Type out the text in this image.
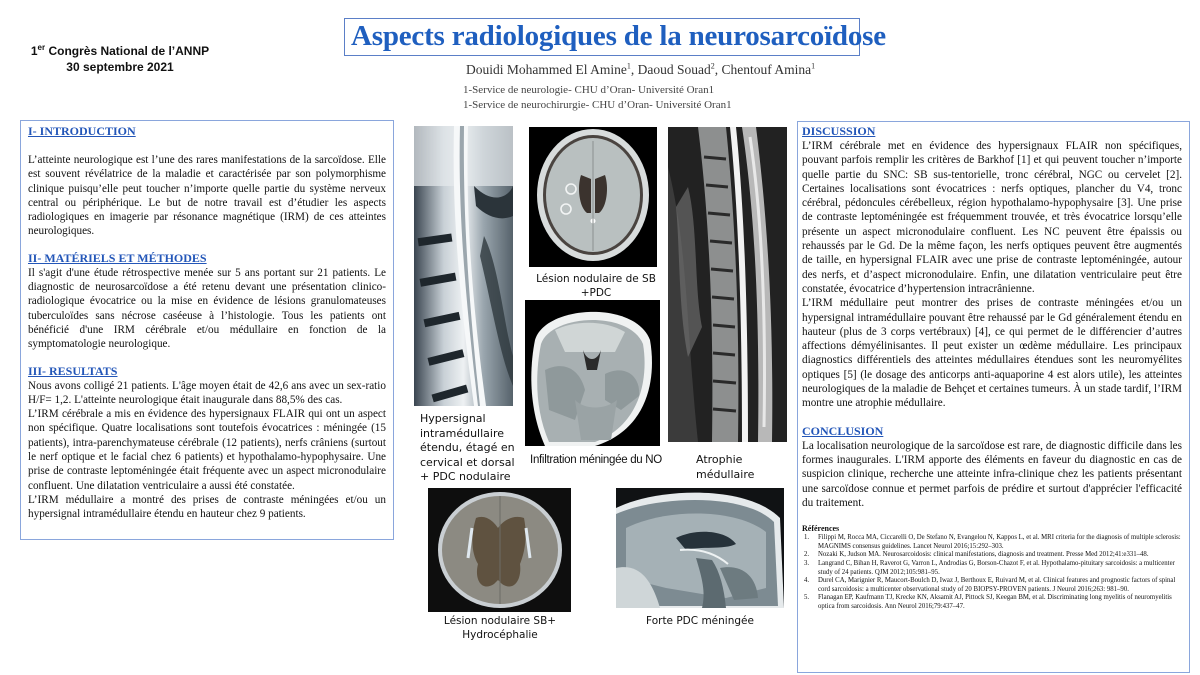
1er Congrès National de l’ANNP
30 septembre 2021
Aspects radiologiques de la neurosarcoïdose
Douidi Mohammed El Amine$^1$, Daoud Souad$^2$, Chentouf Amina$^1$
1-Service de neurologie- CHU d’Oran- Université Oran1
1-Service de neurochirurgie- CHU d’Oran- Université Oran1
I- INTRODUCTION

L’atteinte neurologique est l’une des rares manifestations de la sarcoïdose. Elle est souvent révélatrice de la maladie et caractérisée par son polymorphisme clinique puisqu’elle peut toucher n’importe quelle partie du système nerveux central ou périphérique. Le but de notre travail est d’étudier les aspects radiologiques en imagerie par résonance magnétique (IRM) de ces atteintes neurologiques.

II- MATÉRIELS ET MÉTHODES

Il s'agit d'une étude rétrospective menée sur 5 ans portant sur 21 patients. Le diagnostic de neurosarcoïdose a été retenu devant une présentation clinico-radiologique évocatrice ou la mise en évidence de lésions granulomateuses tuberculoïdes sans nécrose caséeuse à l’histologie. Tous les patients ont bénéficié d'une IRM cérébrale et/ou médullaire en fonction de la symptomatologie neurologique.

III- RESULTATS

Nous avons colligé 21 patients. L'âge moyen était de 42,6 ans avec un sex-ratio H/F= 1,2. L'atteinte neurologique était inaugurale dans 88,5% des cas.

L’IRM cérébrale a mis en évidence des hypersignaux FLAIR qui ont un aspect non spécifique. Quatre localisations sont toutefois évocatrices : méningée (15 patients), intra-parenchymateuse cérébrale (12 patients), nerfs crâniens (surtout le nerf optique et le facial chez 6 patients) et hypothalamo-hypophysaire. Une prise de contraste leptoméningée était fréquente avec un aspect micronodulaire confluent. Une dilatation ventriculaire a aussi été constatée.

L’IRM médullaire a montré des prises de contraste méningées et/ou un hypersignal intramédullaire étendu en hauteur chez 9 patients.

Lésion nodulaire de SB +PDC
Infiltration méningée du NO
Hypersignal
intramédullaire
étendu, étagé en
cervical et dorsal
+ PDC nodulaire
Atrophie
médullaire
Lésion nodulaire SB+ Hydrocéphalie
Forte PDC méningée
DISCUSSION

L’IRM cérébrale met en évidence des hypersignaux FLAIR non spécifiques, pouvant parfois remplir les critères de Barkhof [1] et qui peuvent toucher n’importe quelle partie du SNC: SB sus-tentorielle, tronc cérébral, NGC ou cervelet [2]. Certaines localisations sont évocatrices : nerfs optiques, plancher du V4, tronc cérébral, pédoncules cérébelleux, région hypothalamo-hypophysaire [3]. Une prise de contraste leptoméningée est fréquemment trouvée, et très évocatrice lorsqu’elle présente un aspect micronodulaire confluent. Les NC peuvent être épaissis ou rehaussés par le Gd. De la même façon, les nerfs optiques peuvent être augmentés de taille, en hypersignal FLAIR avec une prise de contraste leptoméningée, autour des nerfs, et d’aspect micronodulaire. Enfin, une dilatation ventriculaire peut être constatée, évocatrice d’hypertension intracrânienne.

L’IRM médullaire peut montrer des prises de contraste méningées et/ou un hypersignal intramédullaire pouvant être rehaussé par le Gd généralement étendu en hauteur (plus de 3 corps vertébraux) [4], ce qui permet de le différencier d’autres affections démyélinisantes. Il peut exister un œdème médullaire. Les principaux diagnostics différentiels des atteintes médullaires étendues sont les neuromyélites optiques [5] (le dosage des anticorps anti-aquaporine 4 est alors utile), les atteintes neurologiques de la maladie de Behçet et certaines tumeurs. À un stade tardif, l’IRM montre une atrophie médullaire.

CONCLUSION

La localisation neurologique de la sarcoïdose est rare, de diagnostic difficile dans les formes inaugurales. L'IRM apporte des éléments en faveur du diagnostic en cas de suspicion clinique, recherche une atteinte infra-clinique chez les patients présentant une sarcoïdose connue et permet parfois de prédire et surtout d'apprécier l'efficacité du traitement.

Références
1.	Filippi M, Rocca MA, Ciccarelli O, De Stefano N, Evangelou N, Kappos L, et al. MRI criteria for the diagnosis of multiple sclerosis: MAGNIMS consensus guidelines. Lancet Neurol 2016;15:292–303.
2.	Nozaki K, Judson MA. Neurosarcoidosis: clinical manifestations, diagnosis and treatment. Presse Med 2012;41:e331–48.
3.	Langrand C, Bihan H, Raverot G, Varron L, Androdias G, Borson-Chazot F, et al. Hypothalamo-pituitary sarcoidosis: a multicenter study of 24 patients. QJM 2012;105:981–95.
4.	Durel CA, Marignier R, Maucort-Boulch D, Iwaz J, Berthoux E, Ruivard M, et al. Clinical features and prognostic factors of spinal cord sarcoidosis: a multicenter observational study of 20 BIOPSY-PROVEN patients. J Neurol 2016;263: 981–90.
5.	Flanagan EP, Kaufmann TJ, Krecke KN, Aksamit AJ, Pittock SJ, Keegan BM, et al. Discriminating long myelitis of neuromyelitis optica from sarcoidosis. Ann Neurol 2016;79:437–47.
